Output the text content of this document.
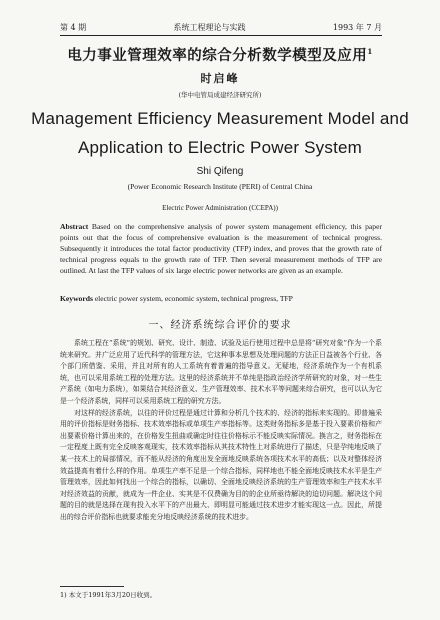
第 4 期	系统工程理论与实践	1993 年 7 月
电力事业管理效率的综合分析数学模型及应用$^1$
时启峰
(华中电管局成建经济研究所)
Management Efficiency Measurement Model and
Application to Electric Power System
Shi Qifeng
(Power Economic Research Institute (PERI) of Central China
Electric Power Administration (CCEPA))
Abstract Based on the comprehensive analysis of power system management efficiency, this paper points out that the focus of comprehensive evaluation is the measurement of technical progress. Subsequently it introduces the total factor productivity (TFP) index, and proves that the growth rate of technical progress equals to the growth rate of TFP. Then several measurement methods of TFP are outlined. At last the TFP values of six large electric power networks are given as an example.
Keywords electric power system, economic system, technical progress, TFP
一、经济系统综合评价的要求

系统工程在“系统”的规划、研究、设计、制造、试验及运行使用过程中总是将“研究对象”作为一个系统来研究。并广泛应用了近代科学的管理方法，它这种事本思想及处理问题的方法正日益被各个行业、各个部门所借鉴、采用，并且对所有的人工系统有着普遍的指导意义。无疑地，经济系统作为一个有机系统，也可以采用系统工程的处理方法。这里的经济系统并不单纯是指政治经济学所研究的对象，对一些生产系统（如电力系统），如果结合其经济意义、生产管理效率、技术水平等问题来综合研究，也可以认为它是一个经济系统，同样可以采用系统工程的研究方法。

对这样的经济系统，以往的评价过程是通过计算和分析几个技术的、经济的指标来实现的。即普遍采用的评价指标是财务指标、技术效率指标或单项生产率指标等。这类财务指标多是基于投入要素价格和产出要素价格计算出来的，在价格发生扭曲或确定时往往价格标示不能反映实际情况。换言之，财务指标在一定程度上既有完全反映客观现实，技术效率指标从其技术特性上对系统进行了描述，只是孕纯地反映了某一技术上的局部情况，而不能从经济的角度出发全面地反映系统各项技术水平的高低；以及对整体经济效益提高有着什么样的作用。单项生产率不足是一个综合指标，同样地也不能全面地反映技术水平是生产管理效率，因此如何找出一个综合的指标，以确切、全面地反映经济系统的生产管理效率和生产技术水平对经济效益的贡献，就成为一件企业、实其是不仅费确为目的的企业所亟待解决的迫切问题。解决这个问题的目的就是选择在现有投入水平下的产出最大、即明显可能通过技术进步才能实现这一点。因此，所提出的综合评价指标也就要求能充分地反映经济系统的技术进步。

1) 本文于1991年3月20日收到。
